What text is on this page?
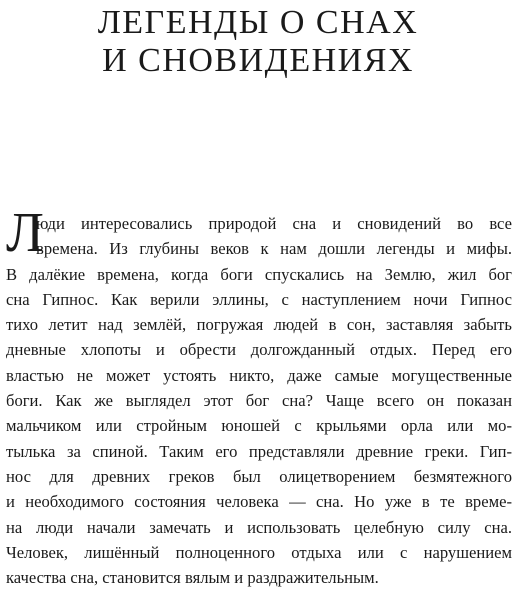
ЛЕГЕНДЫ О СНАХ
И СНОВИДЕНИЯХ
Л
юди интересовались природой сна и сновидений во все
времена. Из глубины веков к нам дошли легенды и мифы.
В далёкие времена, когда боги спускались на Землю, жил бог
сна Гипнос. Как верили эллины, с наступлением ночи Гипнос
тихо летит над землёй, погружая людей в сон, заставляя забыть
дневные хлопоты и обрести долгожданный отдых. Перед его
властью не может устоять никто, даже самые могущественные
боги. Как же выглядел этот бог сна? Чаще всего он показан
мальчиком или стройным юношей с крыльями орла или мо-
тылька за спиной. Таким его представляли древние греки. Гип-
нос для древних греков был олицетворением безмятежного
и необходимого состояния человека — сна. Но уже в те време-
на люди начали замечать и использовать целебную силу сна.
Человек, лишённый полноценного отдыха или с нарушением
качества сна, становится вялым и раздражительным.
